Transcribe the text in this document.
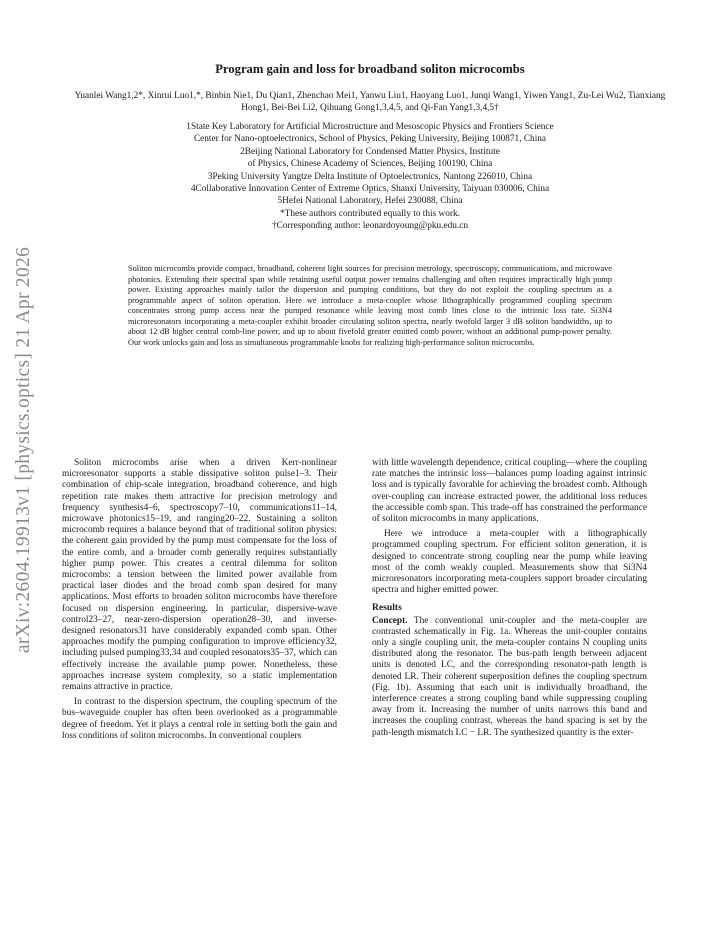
arXiv:2604.19913v1 [physics.optics] 21 Apr 2026
Program gain and loss for broadband soliton microcombs

Yuanlei Wang1,2*, Xinrui Luo1,*, Binbin Nie1, Du Qian1, Zhenchao Mei1, Yanwu Liu1, Haoyang Luo1, Junqi Wang1, Yiwen Yang1, Zu-Lei Wu2, Tianxiang Hong1, Bei-Bei Li2, Qihuang Gong1,3,4,5, and Qi-Fan Yang1,3,4,5†

1State Key Laboratory for Artificial Microstructure and Mesoscopic Physics and Frontiers Science
Center for Nano-optoelectronics, School of Physics, Peking University, Beijing 100871, China
2Beijing National Laboratory for Condensed Matter Physics, Institute
of Physics, Chinese Academy of Sciences, Beijing 100190, China
3Peking University Yangtze Delta Institute of Optoelectronics, Nantong 226010, China
4Collaborative Innovation Center of Extreme Optics, Shanxi University, Taiyuan 030006, China
5Hefei National Laboratory, Hefei 230088, China
*These authors contributed equally to this work.
†Corresponding author: leonardoyoung@pku.edu.cn

Soliton microcombs provide compact, broadband, coherent light sources for precision metrology, spectroscopy, communications, and microwave photonics. Extending their spectral span while retaining useful output power remains challenging and often requires impractically high pump power. Existing approaches mainly tailor the dispersion and pumping conditions, but they do not exploit the coupling spectrum as a programmable aspect of soliton operation. Here we introduce a meta-coupler whose lithographically programmed coupling spectrum concentrates strong pump access near the pumped resonance while leaving most comb lines close to the intrinsic loss rate. Si3N4 microresonators incorporating a meta-coupler exhibit broader circulating soliton spectra, nearly twofold larger 3 dB soliton bandwidths, up to about 12 dB higher central comb-line power, and up to about fivefold greater emitted comb power, without an additional pump-power penalty. Our work unlocks gain and loss as simultaneous programmable knobs for realizing high-performance soliton microcombs.

Soliton microcombs arise when a driven Kerr-nonlinear microresonator supports a stable dissipative soliton pulse1–3. Their combination of chip-scale integration, broadband coherence, and high repetition rate makes them attractive for precision metrology and frequency synthesis4–6, spectroscopy7–10, communications11–14, microwave photonics15–19, and ranging20–22. Sustaining a soliton microcomb requires a balance beyond that of traditional soliton physics: the coherent gain provided by the pump must compensate for the loss of the entire comb, and a broader comb generally requires substantially higher pump power. This creates a central dilemma for soliton microcombs: a tension between the limited power available from practical laser diodes and the broad comb span desired for many applications. Most efforts to broaden soliton microcombs have therefore focused on dispersion engineering. In particular, dispersive-wave control23–27, near-zero-dispersion operation28–30, and inverse-designed resonators31 have considerably expanded comb span. Other approaches modify the pumping configuration to improve efficiency32, including pulsed pumping33,34 and coupled resonators35–37, which can effectively increase the available pump power. Nonetheless, these approaches increase system complexity, so a static implementation remains attractive in practice.

In contrast to the dispersion spectrum, the coupling spectrum of the bus–waveguide coupler has often been overlooked as a programmable degree of freedom. Yet it plays a central role in setting both the gain and loss conditions of soliton microcombs. In conventional couplers

with little wavelength dependence, critical coupling—where the coupling rate matches the intrinsic loss—balances pump loading against intrinsic loss and is typically favorable for achieving the broadest comb. Although over-coupling can increase extracted power, the additional loss reduces the accessible comb span. This trade-off has constrained the performance of soliton microcombs in many applications.

Here we introduce a meta-coupler with a lithographically programmed coupling spectrum. For efficient soliton generation, it is designed to concentrate strong coupling near the pump while leaving most of the comb weakly coupled. Measurements show that Si3N4 microresonators incorporating meta-couplers support broader circulating spectra and higher emitted power.

Results

Concept. The conventional unit-coupler and the meta-coupler are contrasted schematically in Fig. 1a. Whereas the unit-coupler contains only a single coupling unit, the meta-coupler contains N coupling units distributed along the resonator. The bus-path length between adjacent units is denoted LC, and the corresponding resonator-path length is denoted LR. Their coherent superposition defines the coupling spectrum (Fig. 1b). Assuming that each unit is individually broadband, the interference creates a strong coupling band while suppressing coupling away from it. Increasing the number of units narrows this band and increases the coupling contrast, whereas the band spacing is set by the path-length mismatch LC − LR. The synthesized quantity is the exter-
